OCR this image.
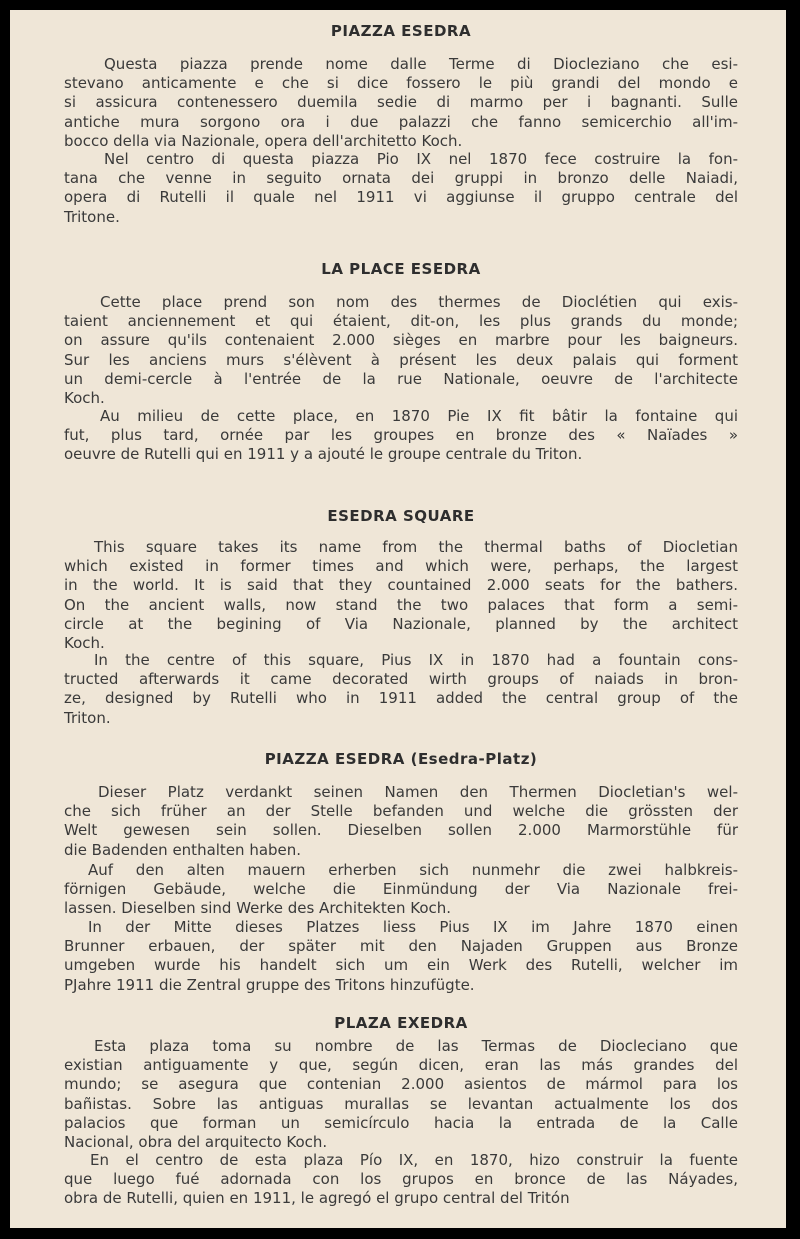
PIAZZA ESEDRA
Questa piazza prende nome dalle Terme di Diocleziano che esi-
stevano anticamente e che si dice fossero le più grandi del mondo e
si assicura contenessero duemila sedie di marmo per i bagnanti. Sulle
antiche mura sorgono ora i due palazzi che fanno semicerchio all'im-
bocco della via Nazionale, opera dell'architetto Koch.
Nel centro di questa piazza Pio IX nel 1870 fece costruire la fon-
tana che venne in seguito ornata dei gruppi in bronzo delle Naiadi,
opera di Rutelli il quale nel 1911 vi aggiunse il gruppo centrale del
Tritone.
LA PLACE ESEDRA
Cette place prend son nom des thermes de Dioclétien qui exis-
taient anciennement et qui étaient, dit-on, les plus grands du monde;
on assure qu'ils contenaient 2.000 sièges en marbre pour les baigneurs.
Sur les anciens murs s'élèvent à présent les deux palais qui forment
un demi-cercle à l'entrée de la rue Nationale, oeuvre de l'architecte
Koch.
Au milieu de cette place, en 1870 Pie IX fit bâtir la fontaine qui
fut, plus tard, ornée par les groupes en bronze des « Naïades »
oeuvre de Rutelli qui en 1911 y a ajouté le groupe centrale du Triton.
ESEDRA SQUARE
This square takes its name from the thermal baths of Diocletian
which existed in former times and which were, perhaps, the largest
in the world. It is said that they countained 2.000 seats for the bathers.
On the ancient walls, now stand the two palaces that form a semi-
circle at the begining of Via Nazionale, planned by the architect
Koch.
In the centre of this square, Pius IX in 1870 had a fountain cons-
tructed afterwards it came decorated wirth groups of naiads in bron-
ze, designed by Rutelli who in 1911 added the central group of the
Triton.
PIAZZA ESEDRA (Esedra-Platz)
Dieser Platz verdankt seinen Namen den Thermen Diocletian's wel-
che sich früher an der Stelle befanden und welche die grössten der
Welt gewesen sein sollen. Dieselben sollen 2.000 Marmorstühle für
die Badenden enthalten haben.
Auf den alten mauern erherben sich nunmehr die zwei halbkreis-
förnigen Gebäude, welche die Einmündung der Via Nazionale frei-
lassen. Dieselben sind Werke des Architekten Koch.
In der Mitte dieses Platzes liess Pius IX im Jahre 1870 einen
Brunner erbauen, der später mit den Najaden Gruppen aus Bronze
umgeben wurde his handelt sich um ein Werk des Rutelli, welcher im
PJahre 1911 die Zentral gruppe des Tritons hinzufügte.
PLAZA EXEDRA
Esta plaza toma su nombre de las Termas de Diocleciano que
existian antiguamente y que, según dicen, eran las más grandes del
mundo; se asegura que contenian 2.000 asientos de mármol para los
bañistas. Sobre las antiguas murallas se levantan actualmente los dos
palacios que forman un semicírculo hacia la entrada de la Calle
Nacional, obra del arquitecto Koch.
En el centro de esta plaza Pío IX, en 1870, hizo construir la fuente
que luego fué adornada con los grupos en bronce de las Náyades,
obra de Rutelli, quien en 1911, le agregó el grupo central del Tritón
